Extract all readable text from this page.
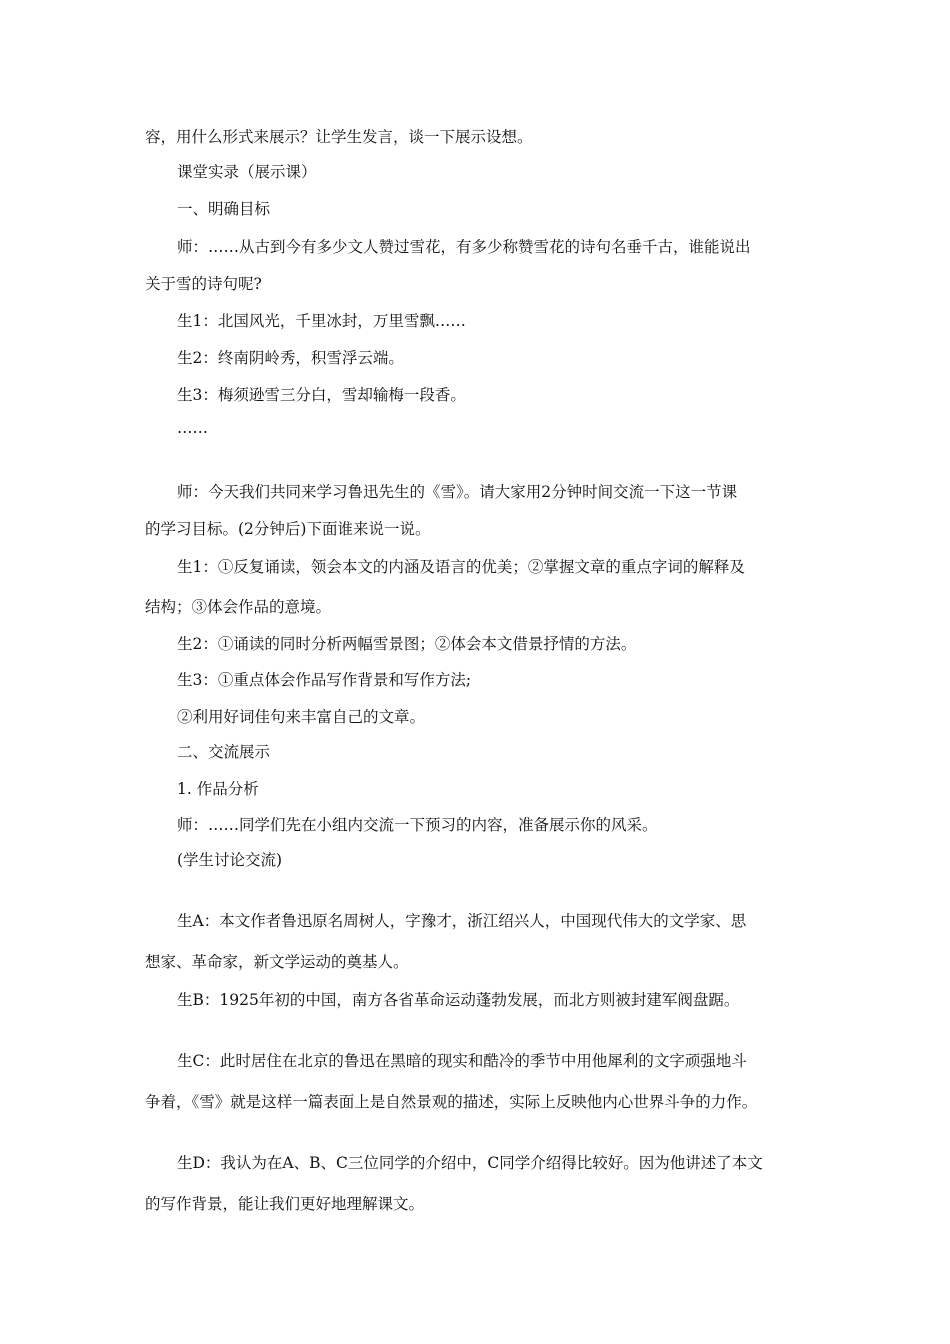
容，用什么形式来展示？让学生发言，谈一下展示设想。
课堂实录（展示课）
一、明确目标
师：……从古到今有多少文人赞过雪花，有多少称赞雪花的诗句名垂千古，谁能说出
关于雪的诗句呢?
生1：北国风光，千里冰封，万里雪飘……
生2：终南阴岭秀，积雪浮云端。
生3：梅须逊雪三分白，雪却输梅一段香。
……
师：今天我们共同来学习鲁迅先生的《雪》。请大家用2分钟时间交流一下这一节课
的学习目标。(2分钟后)下面谁来说一说。
生1：①反复诵读，领会本文的内涵及语言的优美；②掌握文章的重点字词的解释及
结构；③体会作品的意境。
生2：①诵读的同时分析两幅雪景图；②体会本文借景抒情的方法。
生3：①重点体会作品写作背景和写作方法;
②利用好词佳句来丰富自己的文章。
二、交流展示
1. 作品分析
师：……同学们先在小组内交流一下预习的内容，准备展示你的风采。
(学生讨论交流)
生A：本文作者鲁迅原名周树人，字豫才，浙江绍兴人，中国现代伟大的文学家、思
想家、革命家，新文学运动的奠基人。
生B：1925年初的中国，南方各省革命运动蓬勃发展，而北方则被封建军阀盘踞。
生C：此时居住在北京的鲁迅在黑暗的现实和酷冷的季节中用他犀利的文字顽强地斗
争着，《雪》就是这样一篇表面上是自然景观的描述，实际上反映他内心世界斗争的力作。
生D：我认为在A、B、C三位同学的介绍中，C同学介绍得比较好。因为他讲述了本文
的写作背景，能让我们更好地理解课文。
